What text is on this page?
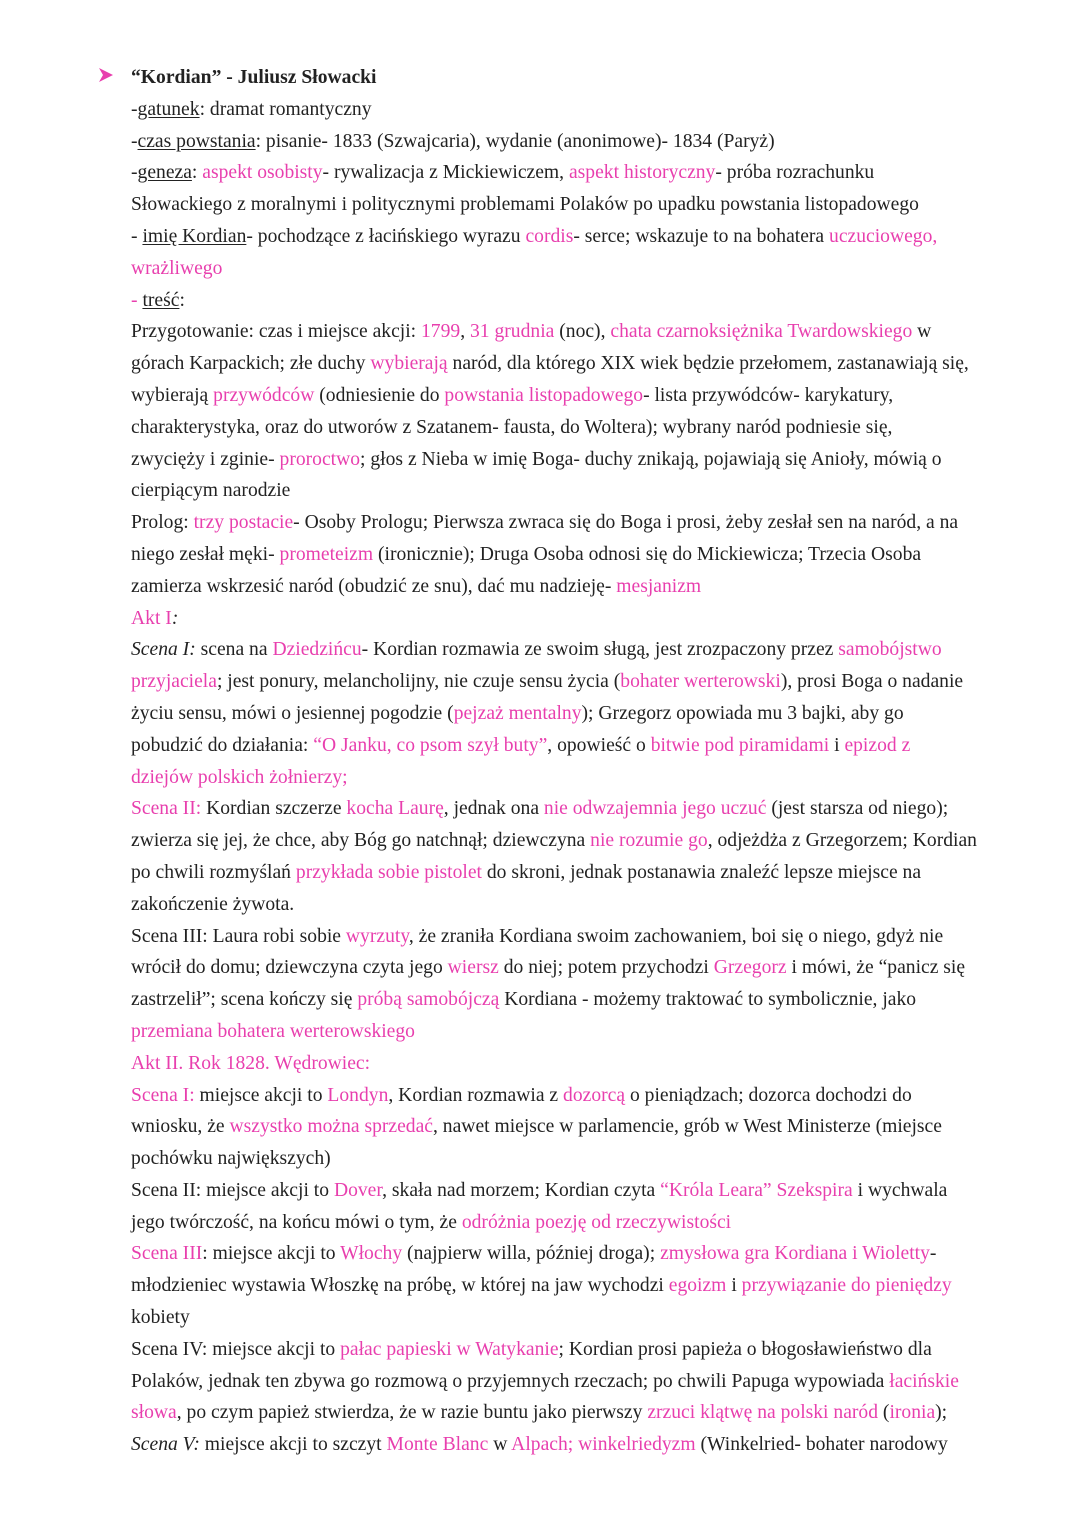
“Kordian” - Juliusz Słowacki
-gatunek: dramat romantyczny
-czas powstania: pisanie- 1833 (Szwajcaria), wydanie (anonimowe)- 1834 (Paryż)
-geneza: aspekt osobisty- rywalizacja z Mickiewiczem, aspekt historyczny- próba rozrachunku
Słowackiego z moralnymi i politycznymi problemami Polaków po upadku powstania listopadowego
- imię Kordian- pochodzące z łacińskiego wyrazu cordis- serce; wskazuje to na bohatera uczuciowego,
wrażliwego
- treść:
Przygotowanie: czas i miejsce akcji: 1799, 31 grudnia (noc), chata czarnoksiężnika Twardowskiego w
górach Karpackich; złe duchy wybierają naród, dla którego XIX wiek będzie przełomem, zastanawiają się,
wybierają przywódców (odniesienie do powstania listopadowego- lista przywódców- karykatury,
charakterystyka, oraz do utworów z Szatanem- fausta, do Woltera); wybrany naród podniesie się,
zwycięży i zginie- proroctwo; głos z Nieba w imię Boga- duchy znikają, pojawiają się Anioły, mówią o
cierpiącym narodzie
Prolog: trzy postacie- Osoby Prologu; Pierwsza zwraca się do Boga i prosi, żeby zesłał sen na naród, a na
niego zesłał męki- prometeizm (ironicznie); Druga Osoba odnosi się do Mickiewicza; Trzecia Osoba
zamierza wskrzesić naród (obudzić ze snu), dać mu nadzieję- mesjanizm
Akt I:
Scena I: scena na Dziedzińcu- Kordian rozmawia ze swoim sługą, jest zrozpaczony przez samobójstwo
przyjaciela; jest ponury, melancholijny, nie czuje sensu życia (bohater werterowski), prosi Boga o nadanie
życiu sensu, mówi o jesiennej pogodzie (pejzaż mentalny); Grzegorz opowiada mu 3 bajki, aby go
pobudzić do działania: “O Janku, co psom szył buty”, opowieść o bitwie pod piramidami i epizod z
dziejów polskich żołnierzy;
Scena II: Kordian szczerze kocha Laurę, jednak ona nie odwzajemnia jego uczuć (jest starsza od niego);
zwierza się jej, że chce, aby Bóg go natchnął; dziewczyna nie rozumie go, odjeżdża z Grzegorzem; Kordian
po chwili rozmyślań przykłada sobie pistolet do skroni, jednak postanawia znaleźć lepsze miejsce na
zakończenie żywota.
Scena III: Laura robi sobie wyrzuty, że zraniła Kordiana swoim zachowaniem, boi się o niego, gdyż nie
wrócił do domu; dziewczyna czyta jego wiersz do niej; potem przychodzi Grzegorz i mówi, że “panicz się
zastrzelił”; scena kończy się próbą samobójczą Kordiana - możemy traktować to symbolicznie, jako
przemiana bohatera werterowskiego
Akt II. Rok 1828. Wędrowiec:
Scena I: miejsce akcji to Londyn, Kordian rozmawia z dozorcą o pieniądzach; dozorca dochodzi do
wniosku, że wszystko można sprzedać, nawet miejsce w parlamencie, grób w West Ministerze (miejsce
pochówku największych)
Scena II: miejsce akcji to Dover, skała nad morzem; Kordian czyta “Króla Leara” Szekspira i wychwala
jego twórczość, na końcu mówi o tym, że odróżnia poezję od rzeczywistości
Scena III: miejsce akcji to Włochy (najpierw willa, później droga); zmysłowa gra Kordiana i Wioletty-
młodzieniec wystawia Włoszkę na próbę, w której na jaw wychodzi egoizm i przywiązanie do pieniędzy
kobiety
Scena IV: miejsce akcji to pałac papieski w Watykanie; Kordian prosi papieża o błogosławieństwo dla
Polaków, jednak ten zbywa go rozmową o przyjemnych rzeczach; po chwili Papuga wypowiada łacińskie
słowa, po czym papież stwierdza, że w razie buntu jako pierwszy zrzuci klątwę na polski naród (ironia);
Scena V: miejsce akcji to szczyt Monte Blanc w Alpach; winkelriedyzm (Winkelried- bohater narodowy
